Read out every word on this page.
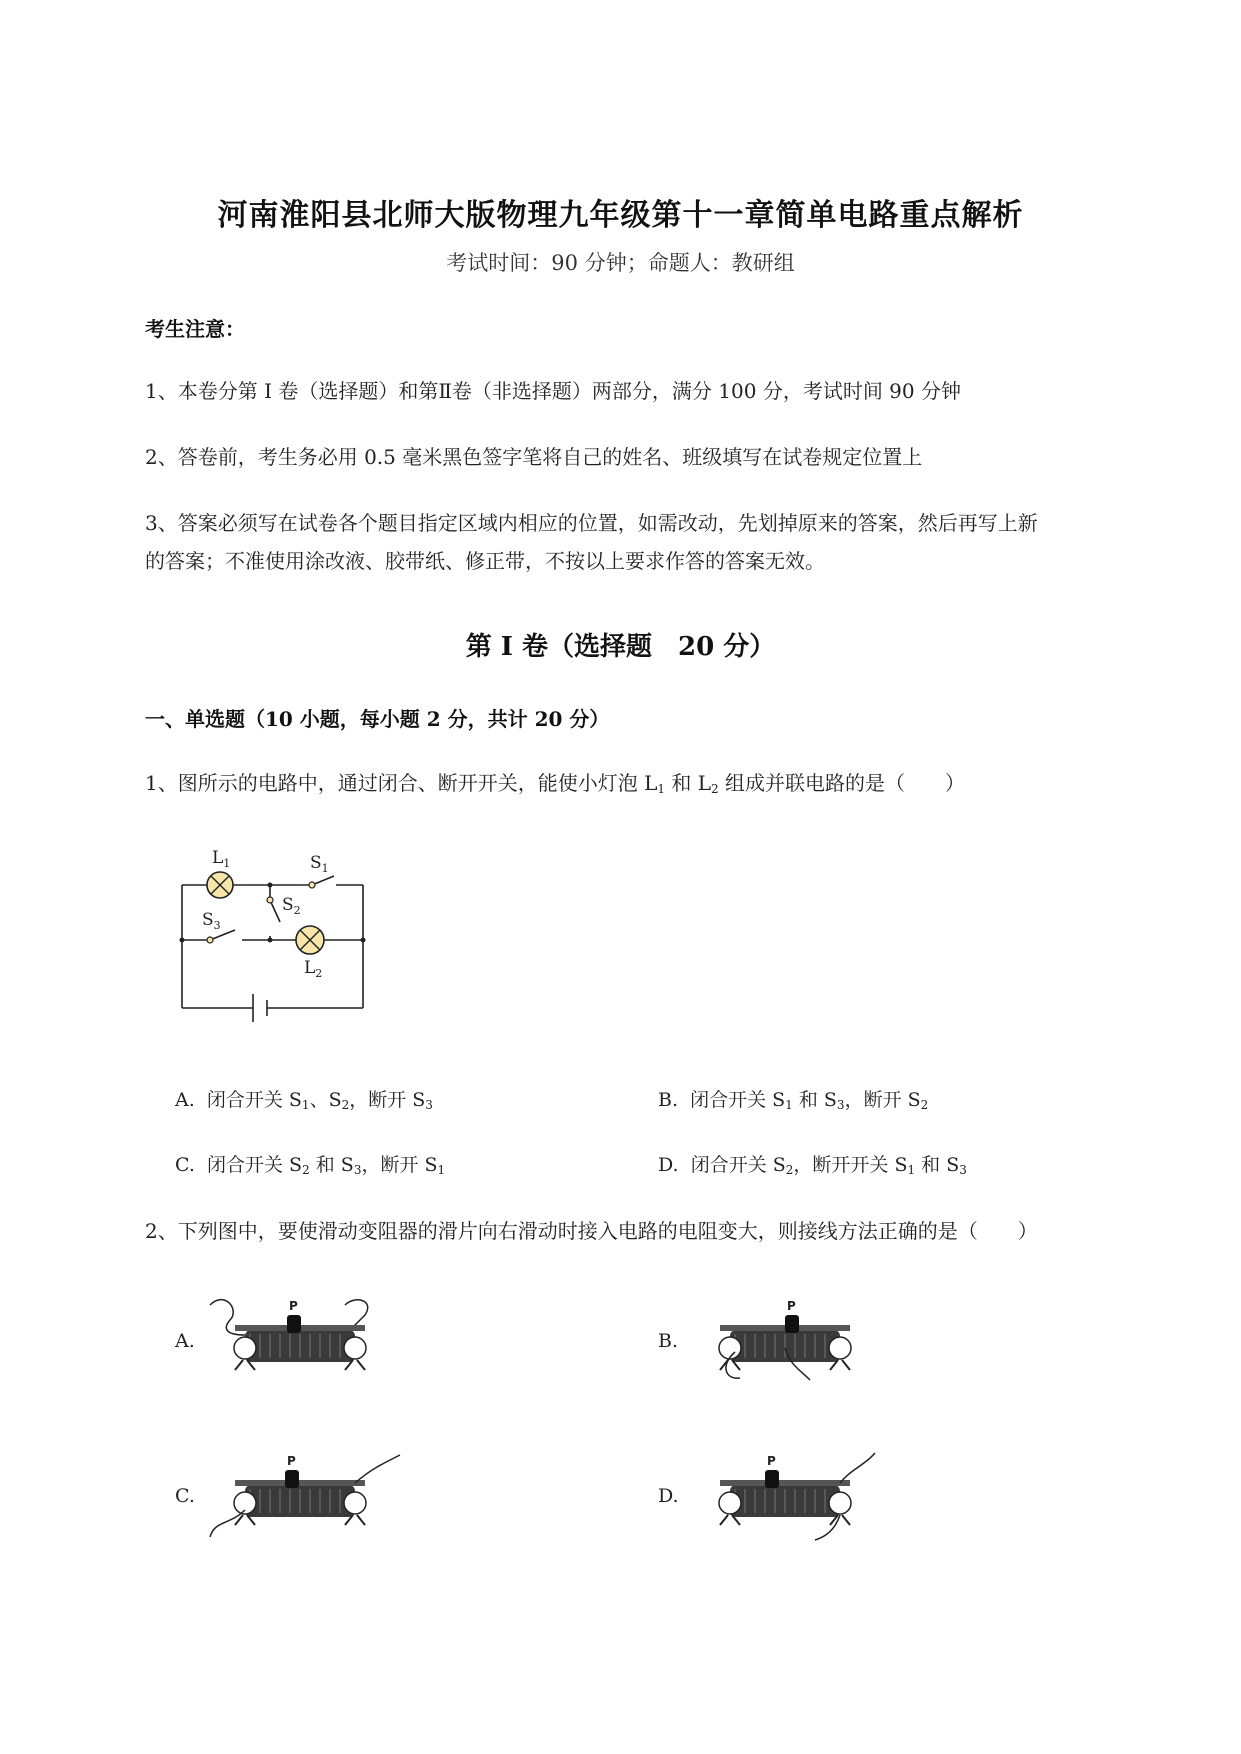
河南淮阳县北师大版物理九年级第十一章简单电路重点解析
考试时间：90 分钟；命题人：教研组
考生注意：
1、本卷分第 I 卷（选择题）和第Ⅱ卷（非选择题）两部分，满分 100 分，考试时间 90 分钟
2、答卷前，考生务必用 0.5 毫米黑色签字笔将自己的姓名、班级填写在试卷规定位置上
3、答案必须写在试卷各个题目指定区域内相应的位置，如需改动，先划掉原来的答案，然后再写上新
的答案；不准使用涂改液、胶带纸、修正带，不按以上要求作答的答案无效。
第 I 卷（选择题　20 分）
一、单选题（10 小题，每小题 2 分，共计 20 分）
1、图所示的电路中，通过闭合、断开开关，能使小灯泡 $L_1$ 和 $L_2$ 组成并联电路的是（　　）
$L_1$	$S_1$
$S_2$
$S_3$
$L_2$
A. 闭合开关 $S_1$、$S_2$，断开 $S_3$	B. 闭合开关 $S_1$ 和 $S_3$，断开 $S_2$
C. 闭合开关 $S_2$ 和 $S_3$，断开 $S_1$	D. 闭合开关 $S_2$，断开开关 $S_1$ 和 $S_3$
2、下列图中，要使滑动变阻器的滑片向右滑动时接入电路的电阻变大，则接线方法正确的是（　　）
A.	B.
C.	D.
P	P
P	P
